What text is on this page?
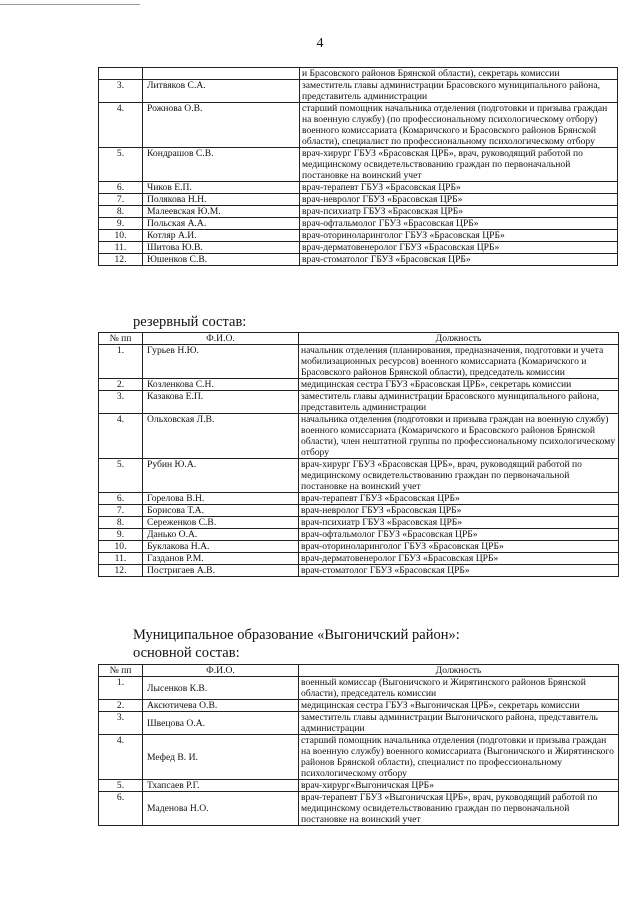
4
		и Брасовского районов Брянской области), секретарь комиссии
3.	Литвяков С.А.	заместитель главы администрации Брасовского муниципального района, представитель администрации
4.	Рожнова О.В.	старший помощник начальника отделения (подготовки и призыва граждан на военную службу) (по профессиональному психологическому отбору) военного комиссариата (Комаричского и Брасовского районов Брянской области), специалист по профессиональному психологическому отбору
5.	Кондрашов С.В.	врач-хирург ГБУЗ «Брасовская ЦРБ», врач, руководящий работой по медицинскому освидетельствованию граждан по первоначальной постановке на воинский учет
6.	Чиков Е.П.	врач-терапевт ГБУЗ «Брасовская ЦРБ»
7.	Полякова Н.Н.	врач-невролог ГБУЗ «Брасовская ЦРБ»
8.	Малеевская Ю.М.	врач-психиатр ГБУЗ «Брасовская ЦРБ»
9.	Польская А.А.	врач-офтальмолог ГБУЗ «Брасовская ЦРБ»
10.	Котляр А.И.	врач-оториноларинголог ГБУЗ «Брасовская ЦРБ»
11.	Шитова Ю.В.	врач-дерматовенеролог ГБУЗ «Брасовская ЦРБ»
12.	Юшенков С.В.	врач-стоматолог ГБУЗ «Брасовская ЦРБ»
резервный состав:
№ пп	Ф.И.О.	Должность
1.	Гурьев Н.Ю.	начальник отделения (планирования, предназначения, подготовки и учета мобилизационных ресурсов) военного комиссариата (Комаричского и Брасовского районов Брянской области), председатель комиссии
2.	Козленкова С.Н.	медицинская сестра ГБУЗ «Брасовская ЦРБ», секретарь комиссии
3.	Казакова Е.П.	заместитель главы администрации Брасовского муниципального района, представитель администрации
4.	Ольховская Л.В.	начальника отделения (подготовки и призыва граждан на военную службу) военного комиссариата (Комаричского и Брасовского районов Брянской области), член нештатной группы по профессиональному психологическому отбору
5.	Рубин Ю.А.	врач-хирург ГБУЗ «Брасовская ЦРБ», врач, руководящий работой по медицинскому освидетельствованию граждан по первоначальной постановке на воинский учет
6.	Горелова В.Н.	врач-терапевт ГБУЗ «Брасовская ЦРБ»
7.	Борисова Т.А.	врач-невролог ГБУЗ «Брасовская ЦРБ»
8.	Сереженков С.В.	врач-психиатр ГБУЗ «Брасовская ЦРБ»
9.	Данько О.А.	врач-офтальмолог ГБУЗ «Брасовская ЦРБ»
10.	Буклакова Н.А.	врач-оториноларинголог ГБУЗ «Брасовская ЦРБ»
11.	Газданов Р.М.	врач-дерматовенеролог ГБУЗ «Брасовская ЦРБ»
12.	Постригаев А.В.	врач-стоматолог ГБУЗ «Брасовская ЦРБ»
Муниципальное образование «Выгоничский район»:
основной состав:
№ пп	Ф.И.О.	Должность
1.	Лысенков К.В.	военный комиссар (Выгоничского и Жирятинского районов Брянской области), председатель комиссии
2.	Аксютичева О.В.	медицинская сестра ГБУЗ «Выгоничская ЦРБ», секретарь комиссии
3.	Швецова О.А.	заместитель главы администрации Выгоничского района, представитель администрации
4.	Мефед В. И.	старший помощник начальника отделения (подготовки и призыва граждан на военную службу) военного комиссариата (Выгоничского и Жирятинского районов Брянской области), специалист по профессиональному психологическому отбору
5.	Тхапсаев Р.Г.	врач-хирург«Выгоничская ЦРБ»
6.	Маденова Н.О.	врач-терапевт ГБУЗ «Выгоничская ЦРБ», врач, руководящий работой по медицинскому освидетельствованию граждан по первоначальной постановке на воинский учет
